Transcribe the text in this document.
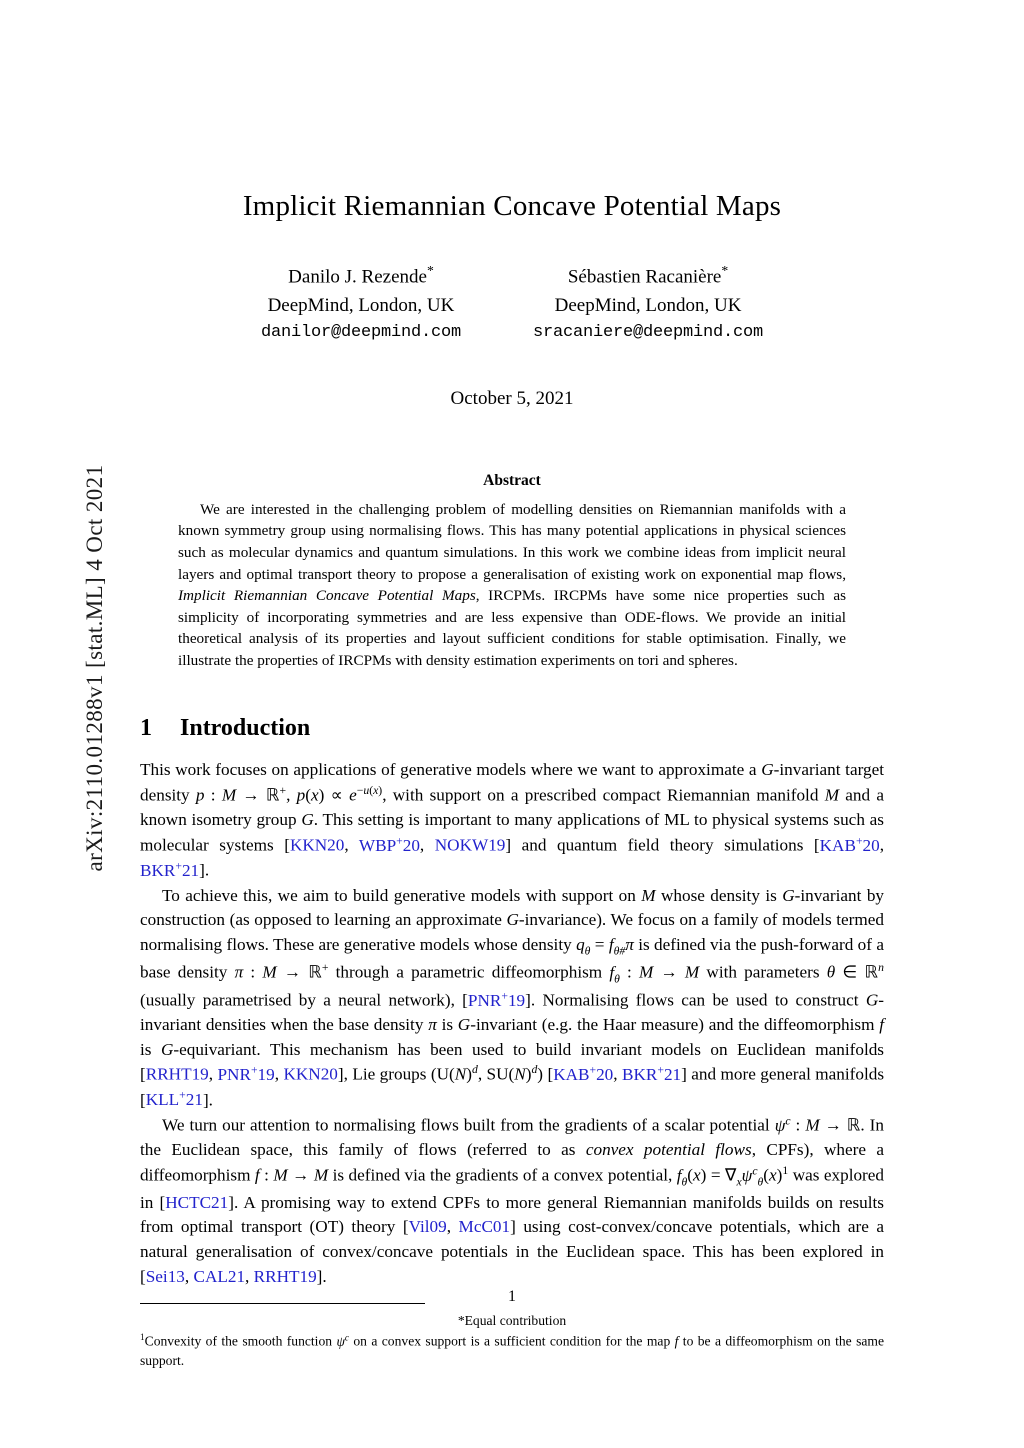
arXiv:2110.01288v1 [stat.ML] 4 Oct 2021
Implicit Riemannian Concave Potential Maps
Danilo J. Rezende*
DeepMind, London, UK
danilor@deepmind.com
Sébastien Racanière*
DeepMind, London, UK
sracaniere@deepmind.com
October 5, 2021
Abstract
We are interested in the challenging problem of modelling densities on Riemannian manifolds with a known symmetry group using normalising flows. This has many potential applications in physical sciences such as molecular dynamics and quantum simulations. In this work we combine ideas from implicit neural layers and optimal transport theory to propose a generalisation of existing work on exponential map flows, Implicit Riemannian Concave Potential Maps, IRCPMs. IRCPMs have some nice properties such as simplicity of incorporating symmetries and are less expensive than ODE-flows. We provide an initial theoretical analysis of its properties and layout sufficient conditions for stable optimisation. Finally, we illustrate the properties of IRCPMs with density estimation experiments on tori and spheres.
1 Introduction

This work focuses on applications of generative models where we want to approximate a G-invariant target density p : M → ℝ+, $p(x) \propto e^{-u(x)}$, with support on a prescribed compact Riemannian manifold M and a known isometry group G. This setting is important to many applications of ML to physical systems such as molecular systems [KKN20, WBP+20, NOKW19] and quantum field theory simulations [KAB+20, BKR+21].

To achieve this, we aim to build generative models with support on M whose density is G-invariant by construction (as opposed to learning an approximate G-invariance). We focus on a family of models termed normalising flows. These are generative models whose density $q_\theta = f_{\theta\#}\pi$ is defined via the push-forward of a base density π : M → ℝ+ through a parametric diffeomorphism $f_\theta$ : M → M with parameters θ ∈ ℝ$^n$ (usually parametrised by a neural network), [PNR+19]. Normalising flows can be used to construct G-invariant densities when the base density π is G-invariant (e.g. the Haar measure) and the diffeomorphism f is G-equivariant. This mechanism has been used to build invariant models on Euclidean manifolds [RRHT19, PNR+19, KKN20], Lie groups ($U(N)^d$, $SU(N)^d$) [KAB+20, BKR+21] and more general manifolds [KLL+21].

We turn our attention to normalising flows built from the gradients of a scalar potential $\psi^c$ : M → ℝ. In the Euclidean space, this family of flows (referred to as convex potential flows, CPFs), where a diffeomorphism f : M → M is defined via the gradients of a convex potential, $f_\theta(x) = \nabla_x\psi^c_\theta(x)^1$ was explored in [HCTC21]. A promising way to extend CPFs to more general Riemannian manifolds builds on results from optimal transport (OT) theory [Vil09, McC01] using cost-convex/concave potentials, which are a natural generalisation of convex/concave potentials in the Euclidean space. This has been explored in [Sei13, CAL21, RRHT19].

*Equal contribution
$^1$Convexity of the smooth function $\psi^c$ on a convex support is a sufficient condition for the map f to be a diffeomorphism on the same support.
1
